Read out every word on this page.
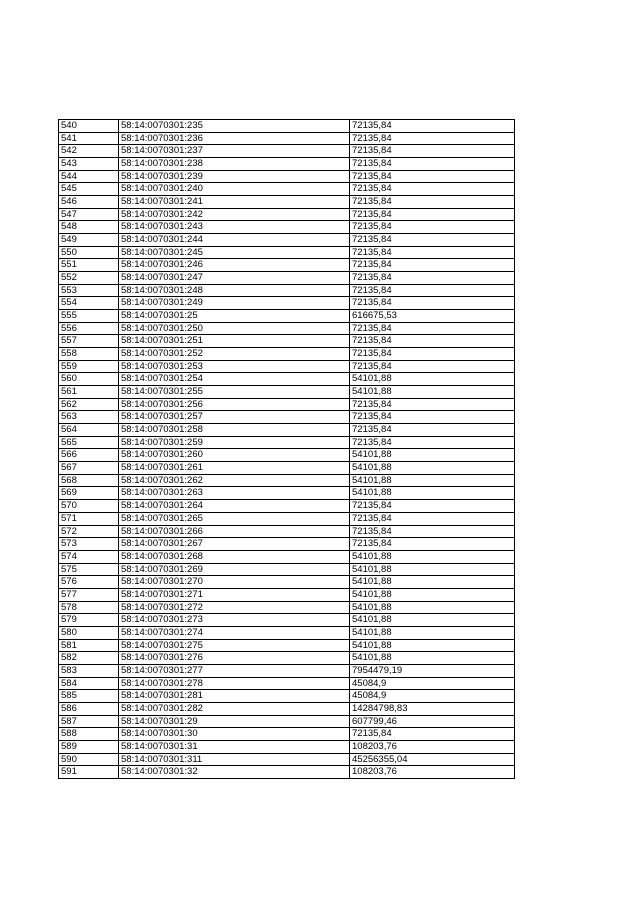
540	58:14:0070301:235	72135,84
541	58:14:0070301:236	72135,84
542	58:14:0070301:237	72135,84
543	58:14:0070301:238	72135,84
544	58:14:0070301:239	72135,84
545	58:14:0070301:240	72135,84
546	58:14:0070301:241	72135,84
547	58:14:0070301:242	72135,84
548	58:14:0070301:243	72135,84
549	58:14:0070301:244	72135,84
550	58:14:0070301:245	72135,84
551	58:14:0070301:246	72135,84
552	58:14:0070301:247	72135,84
553	58:14:0070301:248	72135,84
554	58:14:0070301:249	72135,84
555	58:14:0070301:25	616675,53
556	58:14:0070301:250	72135,84
557	58:14:0070301:251	72135,84
558	58:14:0070301:252	72135,84
559	58:14:0070301:253	72135,84
560	58:14:0070301:254	54101,88
561	58:14:0070301:255	54101,88
562	58:14:0070301:256	72135,84
563	58:14:0070301:257	72135,84
564	58:14:0070301:258	72135,84
565	58:14:0070301:259	72135,84
566	58:14:0070301:260	54101,88
567	58:14:0070301:261	54101,88
568	58:14:0070301:262	54101,88
569	58:14:0070301:263	54101,88
570	58:14:0070301:264	72135,84
571	58:14:0070301:265	72135,84
572	58:14:0070301:266	72135,84
573	58:14:0070301:267	72135,84
574	58:14:0070301:268	54101,88
575	58:14:0070301:269	54101,88
576	58:14:0070301:270	54101,88
577	58:14:0070301:271	54101,88
578	58:14:0070301:272	54101,88
579	58:14:0070301:273	54101,88
580	58:14:0070301:274	54101,88
581	58:14:0070301:275	54101,88
582	58:14:0070301:276	54101,88
583	58:14:0070301:277	7954479,19
584	58:14:0070301:278	45084,9
585	58:14:0070301:281	45084,9
586	58:14:0070301:282	14284798,83
587	58:14:0070301:29	607799,46
588	58:14:0070301:30	72135,84
589	58:14:0070301:31	108203,76
590	58:14:0070301:311	45256355,04
591	58:14:0070301:32	108203,76
